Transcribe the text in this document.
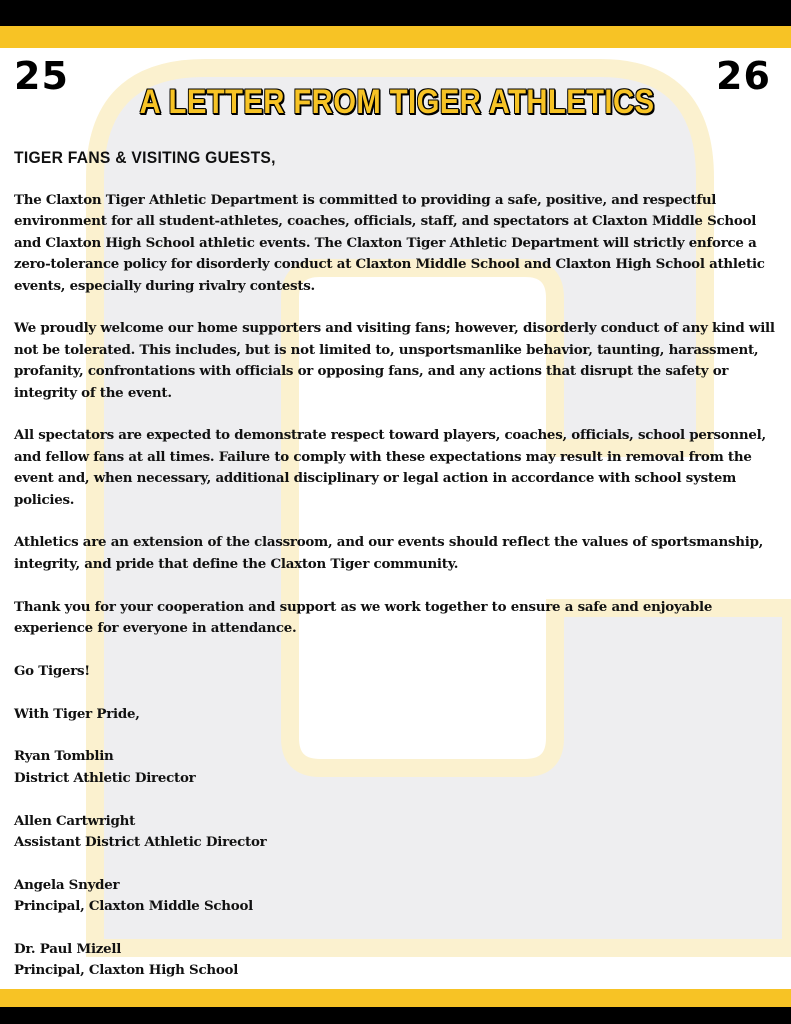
25	26
A LETTER FROM TIGER ATHLETICS
TIGER FANS & VISITING GUESTS,

The Claxton Tiger Athletic Department is committed to providing a safe, positive, and respectful environment for all student-athletes, coaches, officials, staff, and spectators at Claxton Middle School and Claxton High School athletic events. The Claxton Tiger Athletic Department will strictly enforce a zero-tolerance policy for disorderly conduct at Claxton Middle School and Claxton High School athletic events, especially during rivalry contests.

We proudly welcome our home supporters and visiting fans; however, disorderly conduct of any kind will not be tolerated. This includes, but is not limited to, unsportsmanlike behavior, taunting, harassment, profanity, confrontations with officials or opposing fans, and any actions that disrupt the safety or integrity of the event.

All spectators are expected to demonstrate respect toward players, coaches, officials, school personnel, and fellow fans at all times. Failure to comply with these expectations may result in removal from the event and, when necessary, additional disciplinary or legal action in accordance with school system policies.

Athletics are an extension of the classroom, and our events should reflect the values of sportsmanship, integrity, and pride that define the Claxton Tiger community.

Thank you for your cooperation and support as we work together to ensure a safe and enjoyable experience for everyone in attendance.

Go Tigers!

With Tiger Pride,

Ryan Tomblin
District Athletic Director
Allen Cartwright
Assistant District Athletic Director
Angela Snyder
Principal, Claxton Middle School
Dr. Paul Mizell
Principal, Claxton High School
